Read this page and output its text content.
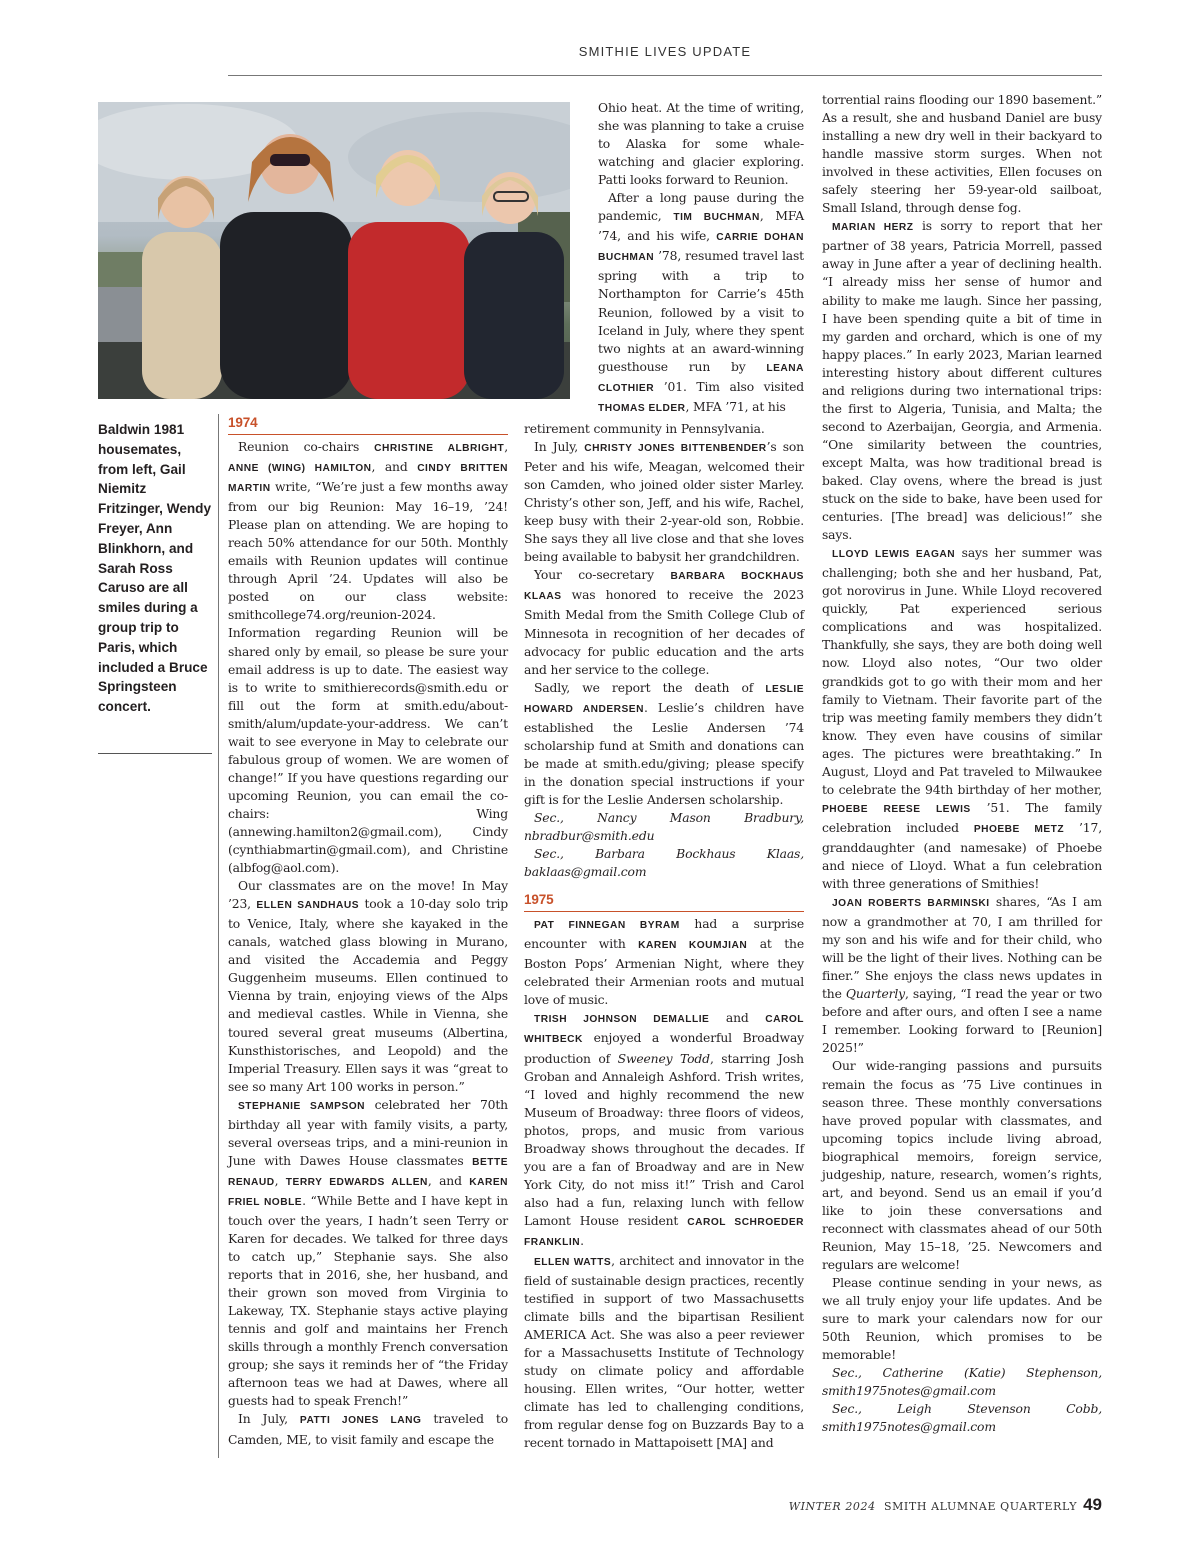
SMITHIE LIVES UPDATE

Baldwin 1981 housemates, from left, Gail Niemitz Fritzinger, Wendy Freyer, Ann Blinkhorn, and Sarah Ross Caruso are all smiles during a group trip to Paris, which included a Bruce Springsteen concert.

1974

Reunion co-chairs CHRISTINE ALBRIGHT, ANNE (WING) HAMILTON, and CINDY BRITTEN MARTIN write, “We’re just a few months away from our big Reunion: May 16–19, ’24! Please plan on attending. We are hoping to reach 50% attendance for our 50th. Monthly emails with Reunion updates will continue through April ’24. Updates will also be posted on our class website: smithcollege74.org/reunion-2024. Information regarding Reunion will be shared only by email, so please be sure your email address is up to date. The easiest way is to write to smithierecords@smith.edu or fill out the form at smith.edu/about-smith/alum/update-your-address. We can’t wait to see everyone in May to celebrate our fabulous group of women. We are women of change!” If you have questions regarding our upcoming Reunion, you can email the co-chairs: Wing (annewing.hamilton2@gmail.com), Cindy (cynthiabmartin@gmail.com), and Christine (albfog@aol.com).

Our classmates are on the move! In May ’23, ELLEN SANDHAUS took a 10-day solo trip to Venice, Italy, where she kayaked in the canals, watched glass blowing in Murano, and visited the Accademia and Peggy Guggenheim museums. Ellen continued to Vienna by train, enjoying views of the Alps and medieval castles. While in Vienna, she toured several great museums (Albertina, Kunsthistorisches, and Leopold) and the Imperial Treasury. Ellen says it was “great to see so many Art 100 works in person.”

STEPHANIE SAMPSON celebrated her 70th birthday all year with family visits, a party, several overseas trips, and a mini-reunion in June with Dawes House classmates BETTE RENAUD, TERRY EDWARDS ALLEN, and KAREN FRIEL NOBLE. “While Bette and I have kept in touch over the years, I hadn’t seen Terry or Karen for decades. We talked for three days to catch up,” Stephanie says. She also reports that in 2016, she, her husband, and their grown son moved from Virginia to Lakeway, TX. Stephanie stays active playing tennis and golf and maintains her French skills through a monthly French conversation group; she says it reminds her of “the Friday afternoon teas we had at Dawes, where all guests had to speak French!”

In July, PATTI JONES LANG traveled to Camden, ME, to visit family and escape the

Ohio heat. At the time of writing, she was planning to take a cruise to Alaska for some whale-watching and glacier exploring. Patti looks forward to Reunion.

After a long pause during the pandemic, TIM BUCHMAN, MFA ’74, and his wife, CARRIE DOHAN BUCHMAN ’78, resumed travel last spring with a trip to Northampton for Carrie’s 45th Reunion, followed by a visit to Iceland in July, where they spent two nights at an award-winning guesthouse run by LEANA CLOTHIER ’01. Tim also visited THOMAS ELDER, MFA ’71, at his

retirement community in Pennsylvania.

In July, CHRISTY JONES BITTENBENDER’s son Peter and his wife, Meagan, welcomed their son Camden, who joined older sister Marley. Christy’s other son, Jeff, and his wife, Rachel, keep busy with their 2-year-old son, Robbie. She says they all live close and that she loves being available to babysit her grandchildren.

Your co-secretary BARBARA BOCKHAUS KLAAS was honored to receive the 2023 Smith Medal from the Smith College Club of Minnesota in recognition of her decades of advocacy for public education and the arts and her service to the college.

Sadly, we report the death of LESLIE HOWARD ANDERSEN. Leslie’s children have established the Leslie Andersen ’74 scholarship fund at Smith and donations can be made at smith.edu/giving; please specify in the donation special instructions if your gift is for the Leslie Andersen scholarship.

Sec., Nancy Mason Bradbury, nbradbur@smith.edu

Sec., Barbara Bockhaus Klaas, baklaas@gmail.com

1975

PAT FINNEGAN BYRAM had a surprise encounter with KAREN KOUMJIAN at the Boston Pops’ Armenian Night, where they celebrated their Armenian roots and mutual love of music.

TRISH JOHNSON DEMALLIE and CAROL WHITBECK enjoyed a wonderful Broadway production of Sweeney Todd, starring Josh Groban and Annaleigh Ashford. Trish writes, “I loved and highly recommend the new Museum of Broadway: three floors of videos, photos, props, and music from various Broadway shows throughout the decades. If you are a fan of Broadway and are in New York City, do not miss it!” Trish and Carol also had a fun, relaxing lunch with fellow Lamont House resident CAROL SCHROEDER FRANKLIN.

ELLEN WATTS, architect and innovator in the field of sustainable design practices, recently testified in support of two Massachusetts climate bills and the bipartisan Resilient AMERICA Act. She was also a peer reviewer for a Massachusetts Institute of Technology study on climate policy and affordable housing. Ellen writes, “Our hotter, wetter climate has led to challenging conditions, from regular dense fog on Buzzards Bay to a recent tornado in Mattapoisett [MA] and

torrential rains flooding our 1890 basement.” As a result, she and husband Daniel are busy installing a new dry well in their backyard to handle massive storm surges. When not involved in these activities, Ellen focuses on safely steering her 59-year-old sailboat, Small Island, through dense fog.

MARIAN HERZ is sorry to report that her partner of 38 years, Patricia Morrell, passed away in June after a year of declining health. “I already miss her sense of humor and ability to make me laugh. Since her passing, I have been spending quite a bit of time in my garden and orchard, which is one of my happy places.” In early 2023, Marian learned interesting history about different cultures and religions during two international trips: the first to Algeria, Tunisia, and Malta; the second to Azerbaijan, Georgia, and Armenia. “One similarity between the countries, except Malta, was how traditional bread is baked. Clay ovens, where the bread is just stuck on the side to bake, have been used for centuries. [The bread] was delicious!” she says.

LLOYD LEWIS EAGAN says her summer was challenging; both she and her husband, Pat, got norovirus in June. While Lloyd recovered quickly, Pat experienced serious complications and was hospitalized. Thankfully, she says, they are both doing well now. Lloyd also notes, “Our two older grandkids got to go with their mom and her family to Vietnam. Their favorite part of the trip was meeting family members they didn’t know. They even have cousins of similar ages. The pictures were breathtaking.” In August, Lloyd and Pat traveled to Milwaukee to celebrate the 94th birthday of her mother, PHOEBE REESE LEWIS ’51. The family celebration included PHOEBE METZ ’17, granddaughter (and namesake) of Phoebe and niece of Lloyd. What a fun celebration with three generations of Smithies!

JOAN ROBERTS BARMINSKI shares, “As I am now a grandmother at 70, I am thrilled for my son and his wife and for their child, who will be the light of their lives. Nothing can be finer.” She enjoys the class news updates in the Quarterly, saying, “I read the year or two before and after ours, and often I see a name I remember. Looking forward to [Reunion] 2025!”

Our wide-ranging passions and pursuits remain the focus as ’75 Live continues in season three. These monthly conversations have proved popular with classmates, and upcoming topics include living abroad, biographical memoirs, foreign service, judgeship, nature, research, women’s rights, art, and beyond. Send us an email if you’d like to join these conversations and reconnect with classmates ahead of our 50th Reunion, May 15–18, ’25. Newcomers and regulars are welcome!

Please continue sending in your news, as we all truly enjoy your life updates. And be sure to mark your calendars now for our 50th Reunion, which promises to be memorable!

Sec., Catherine (Katie) Stephenson, smith1975notes@gmail.com

Sec., Leigh Stevenson Cobb, smith1975notes@gmail.com

WINTER 2024 SMITH ALUMNAE QUARTERLY 49
